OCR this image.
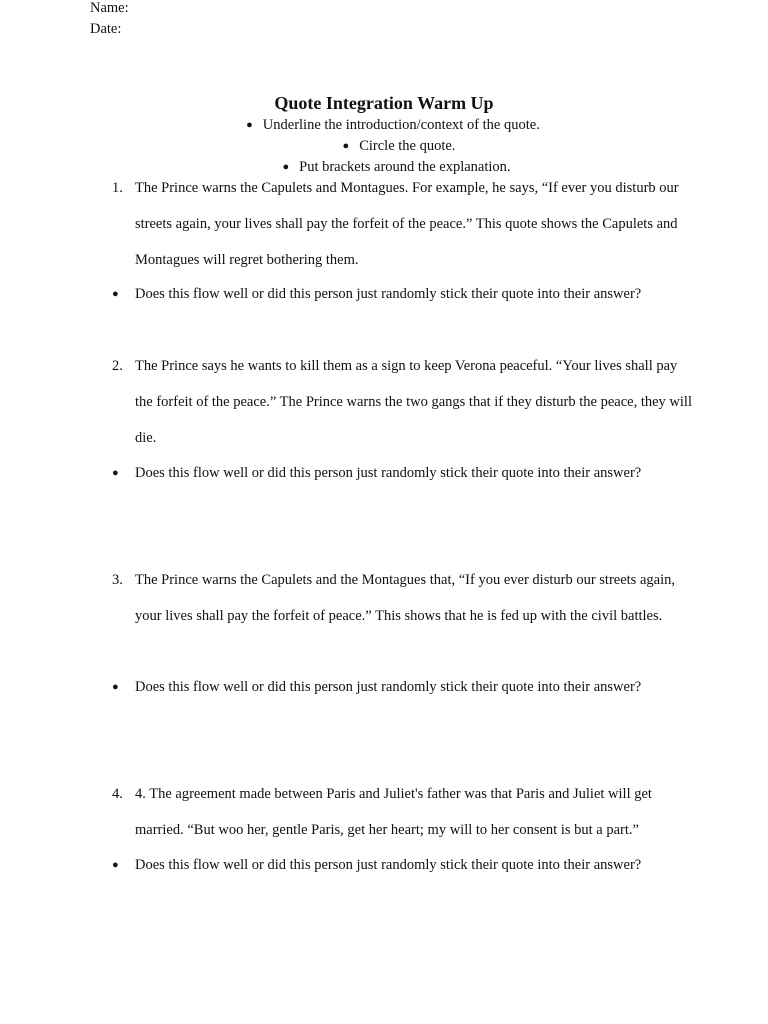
Name:
Date:
Quote Integration Warm Up
● Underline the introduction/context of the quote.
● Circle the quote.
● Put brackets around the explanation.
1. The Prince warns the Capulets and Montagues. For example, he says, “If ever you disturb our streets again, your lives shall pay the forfeit of the peace.” This quote shows the Capulets and Montagues will regret bothering them.
● Does this flow well or did this person just randomly stick their quote into their answer?
2. The Prince says he wants to kill them as a sign to keep Verona peaceful. “Your lives shall pay the forfeit of the peace.” The Prince warns the two gangs that if they disturb the peace, they will die.
● Does this flow well or did this person just randomly stick their quote into their answer?
3. The Prince warns the Capulets and the Montagues that, “If you ever disturb our streets again, your lives shall pay the forfeit of peace.” This shows that he is fed up with the civil battles.
● Does this flow well or did this person just randomly stick their quote into their answer?
4. 4. The agreement made between Paris and Juliet's father was that Paris and Juliet will get married. “But woo her, gentle Paris, get her heart; my will to her consent is but a part.”
● Does this flow well or did this person just randomly stick their quote into their answer?
